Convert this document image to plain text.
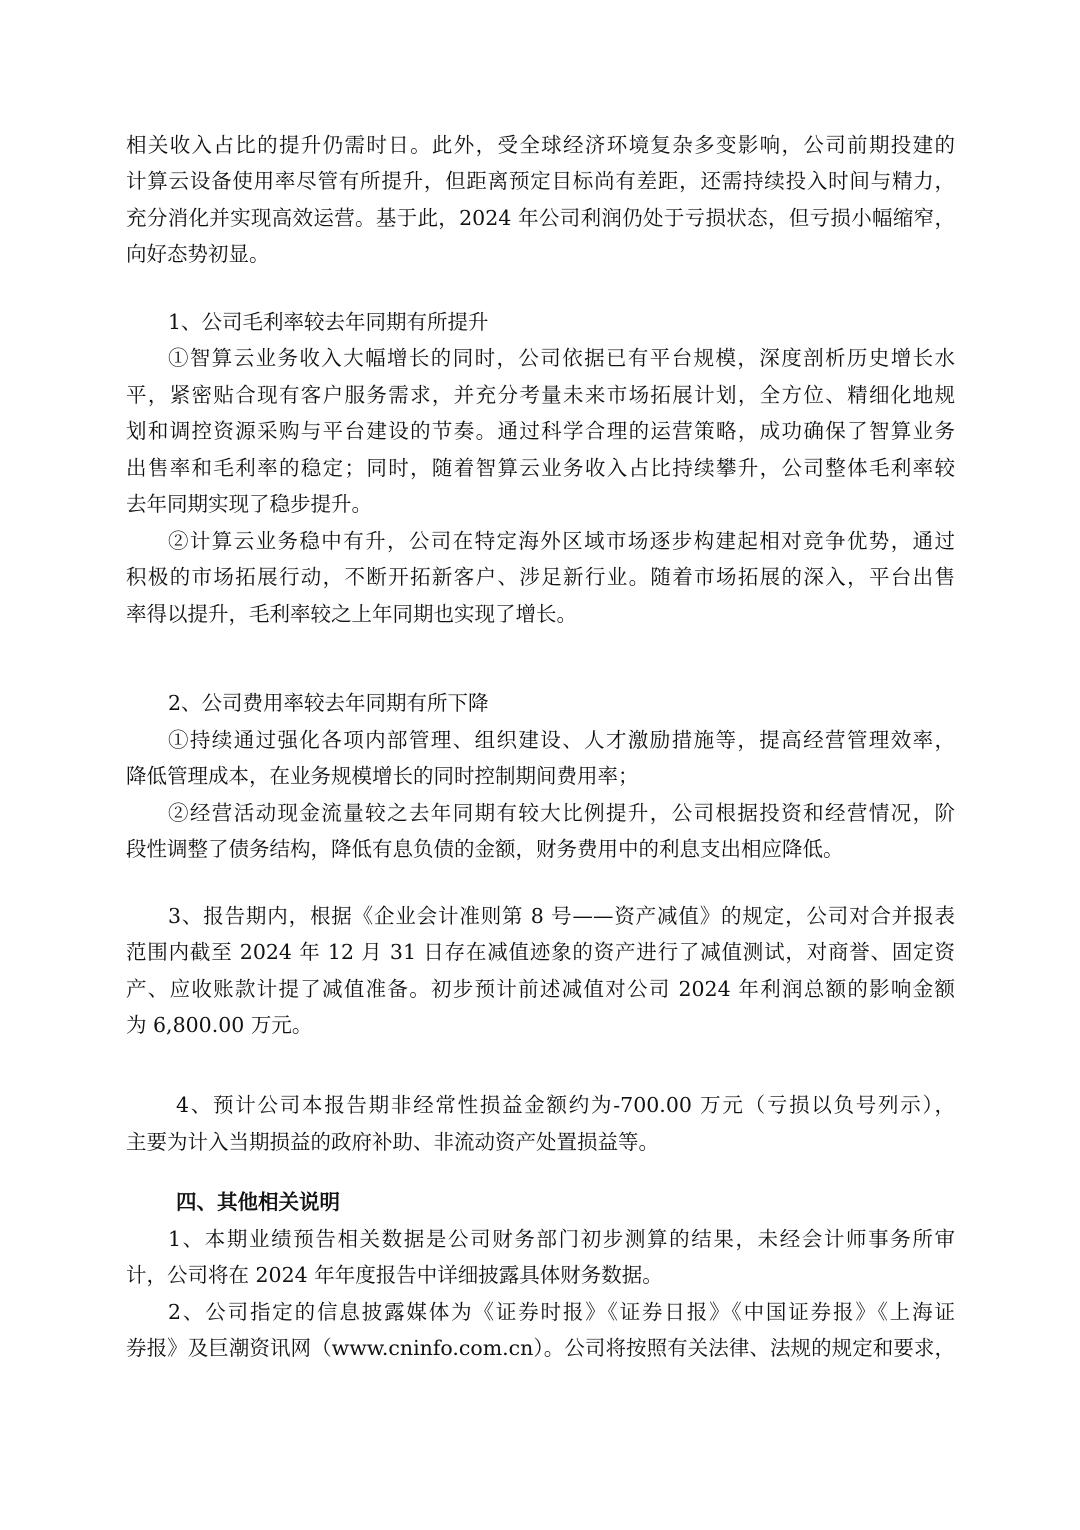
相关收入占比的提升仍需时日。此外，受全球经济环境复杂多变影响，公司前期投建的
计算云设备使用率尽管有所提升，但距离预定目标尚有差距，还需持续投入时间与精力，
充分消化并实现高效运营。基于此，2024 年公司利润仍处于亏损状态，但亏损小幅缩窄，
向好态势初显。
1、公司毛利率较去年同期有所提升
①智算云业务收入大幅增长的同时，公司依据已有平台规模，深度剖析历史增长水
平，紧密贴合现有客户服务需求，并充分考量未来市场拓展计划，全方位、精细化地规
划和调控资源采购与平台建设的节奏。通过科学合理的运营策略，成功确保了智算业务
出售率和毛利率的稳定；同时，随着智算云业务收入占比持续攀升，公司整体毛利率较
去年同期实现了稳步提升。
②计算云业务稳中有升，公司在特定海外区域市场逐步构建起相对竞争优势，通过
积极的市场拓展行动，不断开拓新客户、涉足新行业。随着市场拓展的深入，平台出售
率得以提升，毛利率较之上年同期也实现了增长。
2、公司费用率较去年同期有所下降
①持续通过强化各项内部管理、组织建设、人才激励措施等，提高经营管理效率，
降低管理成本，在业务规模增长的同时控制期间费用率；
②经营活动现金流量较之去年同期有较大比例提升，公司根据投资和经营情况，阶
段性调整了债务结构，降低有息负债的金额，财务费用中的利息支出相应降低。
3、报告期内，根据《企业会计准则第 8 号——资产减值》的规定，公司对合并报表
范围内截至 2024 年 12 月 31 日存在减值迹象的资产进行了减值测试，对商誉、固定资
产、应收账款计提了减值准备。初步预计前述减值对公司 2024 年利润总额的影响金额
为 6,800.00 万元。
4、预计公司本报告期非经常性损益金额约为-700.00 万元（亏损以负号列示），
主要为计入当期损益的政府补助、非流动资产处置损益等。
四、其他相关说明
1、本期业绩预告相关数据是公司财务部门初步测算的结果，未经会计师事务所审
计，公司将在 2024 年年度报告中详细披露具体财务数据。
2、公司指定的信息披露媒体为《证券时报》《证券日报》《中国证券报》《上海证
券报》及巨潮资讯网（www.cninfo.com.cn）。公司将按照有关法律、法规的规定和要求，
